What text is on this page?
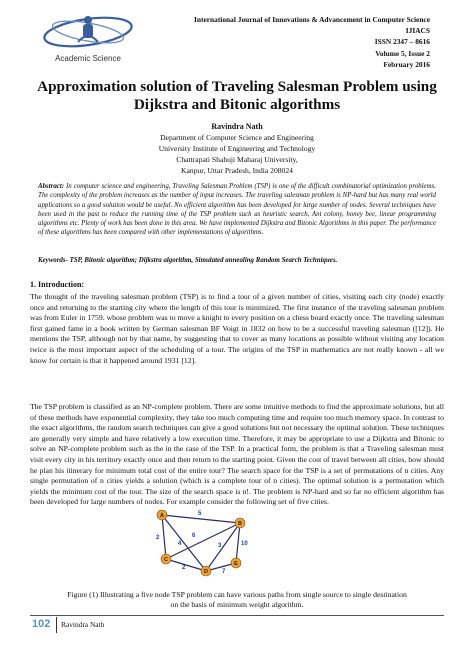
Academic Science
International Journal of Innovations & Advancement in Computer Science
IJIACS
ISSN 2347 – 8616
Volume 5, Issue 2
February 2016
Approximation solution of Traveling Salesman Problem using
Dijkstra and Bitonic algorithms
Ravindra Nath
Department of Computer Science and Engineering
University Institute of Engineering and Technology
Chattrapati Shahuji Maharaj University,
Kanpur, Uttar Pradesh, India 208024
Abstract: In computer science and engineering, Traveling Salesman Problem (TSP) is one of the difficult combinatorial optimization problems. The complexity of the problem increases as the number of input increases. The traveling salesman problem is NP-hard but has many real world applications so a good solution would be useful. No efficient algorithm has been developed for large number of nodes. Several techniques have been used in the past to reduce the running time of the TSP problem such as heuristic search, Ant colony, honey bee, linear programming algorithms etc. Plenty of work has been done in this area. We have implemented Dijkstra and Bitonic Algorithms in this paper. The performance of these algorithms has been compared with other implementations of algorithms.
Keywords- TSP, Bitonic algorithm; Dijkstra algorithm, Simulated annealing Random Search Techniques.
1. Introduction:
The thought of the traveling salesman problem (TSP) is to find a tour of a given number of cities, visiting each city (node) exactly once and returning to the starting city where the length of this tour is minimized. The first instance of the traveling salesman problem was from Euler in 1759. whose problem was to move a knight to every position on a chess board exactly once. The traveling salesman first gained fame in a book written by German salesman BF Voigt in 1832 on how to be a successful traveling salesman ([12]). He mentions the TSP, although not by that name, by suggesting that to cover as many locations as possible without visiting any location twice is the most important aspect of the scheduling of a tour. The origins of the TSP in mathematics are not really known - all we know for certain is that it happened around 1931 [12].
The TSP problem is classified as an NP-complete problem. There are some intuitive methods to find the approximate solutions, but all of these methods have exponential complexity, they take too much computing time and require too much memory space. In contrast to the exact algorithms, the random search techniques can give a good solutions but not necessary the optimal solution. These techniques are generally very simple and have relatively a low execution time. Therefore, it may be appropriate to use a Dijkstra and Bitonic to solve an NP-complete problem such as the in the case of the TSP. In a practical form, the problem is that a Traveling salesman must visit every city in his territory exactly once and then return to the starting point. Given the cost of travel between all cities, how should he plan his itinerary for minimum total cost of the entire tour? The search space for the TSP is a set of permutations of n cities. Any single permutation of n cities yields a solution (which is a complete tour of n cities). The optimal solution is a permutation which yields the minimum cost of the tour. The size of the search space is n!. The problem is NP-hard and so far no efficient algorithm has been developed for large numbers of nodes. For example consider the following set of five cities.
5
2
10
6
3
4
2
7
A
B
C
D
E
Figure (1) Illustrating a five node TSP problem can have various paths from single source to single destination
on the basis of minimum weight algorithm.
102 Ravindra Nath
